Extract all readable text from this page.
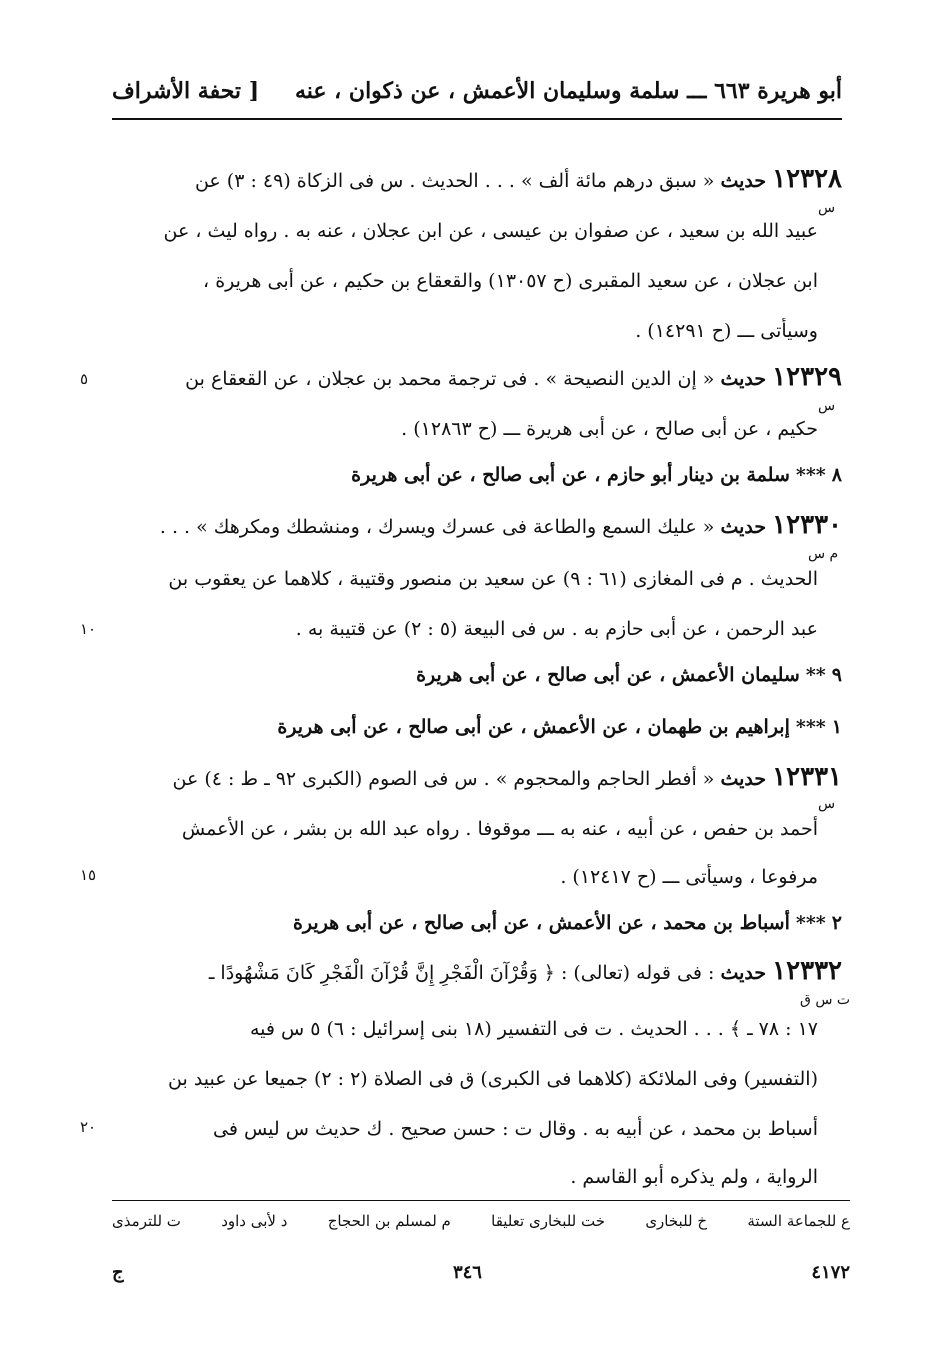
أبو هريرة ٦٦٣ ـــ سلمة وسليمان الأعمش ، عن ذكوان ، عنه
[ تحفة الأشراف
١٢٣٢٨ حديث « سبق درهم مائة ألف » . . . الحديث . س فى الزكاة (٤٩ : ٣) عن
عبيد الله بن سعيد ، عن صفوان بن عيسى ، عن ابن عجلان ، عنه به . رواه ليث ، عن
ابن عجلان ، عن سعيد المقبرى (ح ١٣٠٥٧) والقعقاع بن حكيم ، عن أبى هريرة ،
وسيأتى ـــ (ح ١٤٢٩١) .
١٢٣٢٩ حديث « إن الدين النصيحة » . فى ترجمة محمد بن عجلان ، عن القعقاع بن
حكيم ، عن أبى صالح ، عن أبى هريرة ـــ (ح ١٢٨٦٣) .
٨ *** سلمة بن دينار أبو حازم ، عن أبى صالح ، عن أبى هريرة
١٢٣٣٠ حديث « عليك السمع والطاعة فى عسرك ويسرك ، ومنشطك ومكرهك » . . .
الحديث . م فى المغازى (٦١ : ٩) عن سعيد بن منصور وقتيبة ، كلاهما عن يعقوب بن
عبد الرحمن ، عن أبى حازم به . س فى البيعة (٥ : ٢) عن قتيبة به .
٩ ** سليمان الأعمش ، عن أبى صالح ، عن أبى هريرة
١ *** إبراهيم بن طهمان ، عن الأعمش ، عن أبى صالح ، عن أبى هريرة
١٢٣٣١ حديث « أفطر الحاجم والمحجوم » . س فى الصوم (الكبرى ٩٢ ـ ط : ٤) عن
أحمد بن حفص ، عن أبيه ، عنه به ـــ موقوفا . رواه عبد الله بن بشر ، عن الأعمش
مرفوعا ، وسيأتى ـــ (ح ١٢٤١٧) .
٢ *** أسباط بن محمد ، عن الأعمش ، عن أبى صالح ، عن أبى هريرة
١٢٣٣٢ حديث : فى قوله (تعالى) : ﴿ وَقُرْآنَ الْفَجْرِ إِنَّ قُرْآنَ الْفَجْرِ كَانَ مَشْهُودًا ـ
١٧ : ٧٨ ـ ﴾ . . . الحديث . ت فى التفسير (١٨ بنى إسرائيل : ٦) ٥ س فيه
(التفسير) وفى الملائكة (كلاهما فى الكبرى) ق فى الصلاة (٢ : ٢) جميعا عن عبيد بن
أسباط بن محمد ، عن أبيه به . وقال ت : حسن صحيح . ك حديث س ليس فى
الرواية ، ولم يذكره أبو القاسم .
س
س
م س
س
ت س ق
٥
١٠
١٥
٢٠
ع للجماعة الستة
خ للبخارى
خت للبخارى تعليقا
م لمسلم بن الحجاج
د لأبى داود
ت للترمذى
٤١٧٢
٣٤٦
ج
